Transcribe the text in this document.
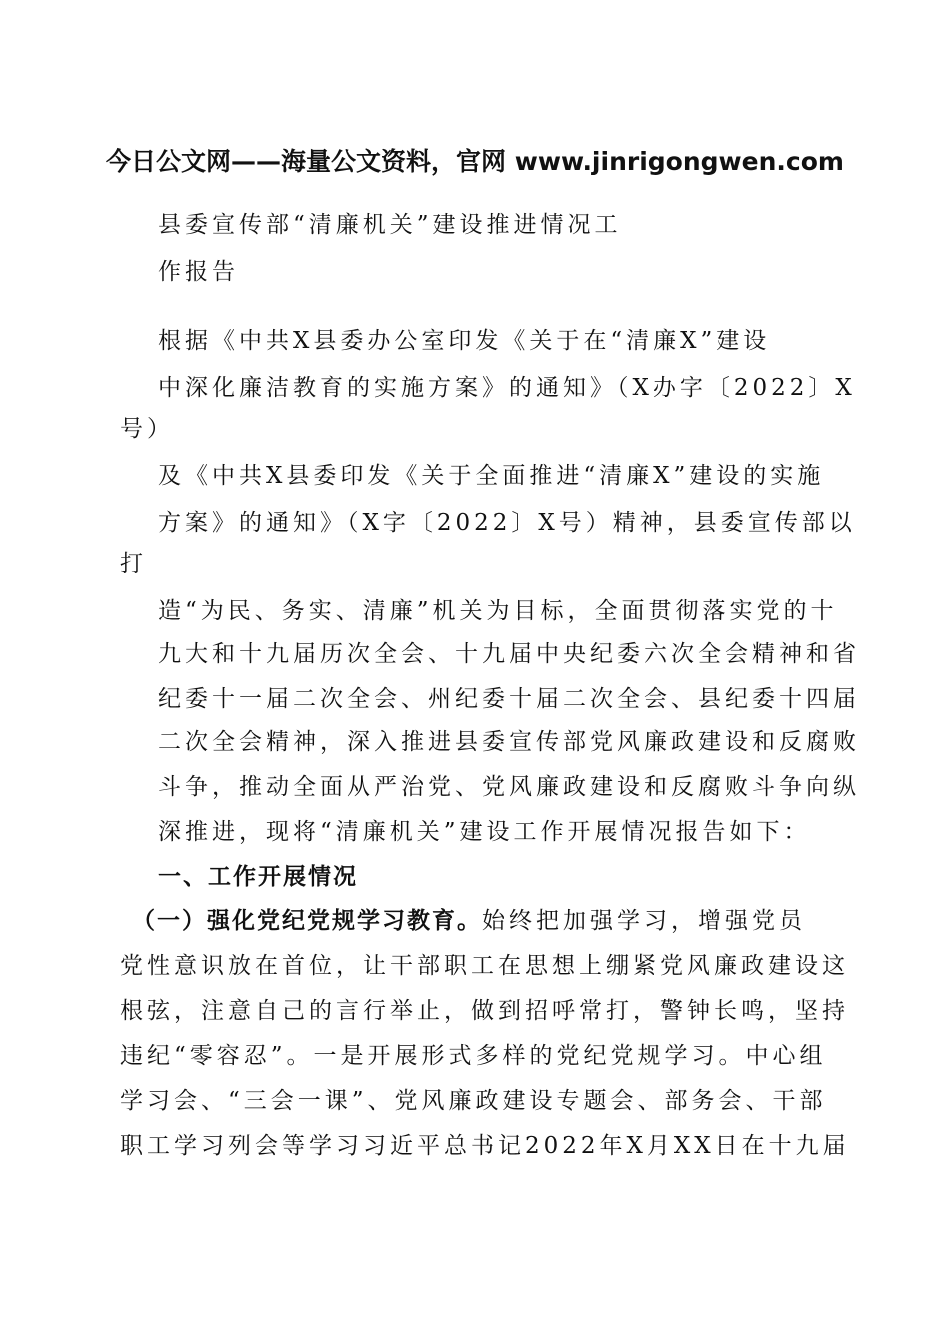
今日公文网——海量公文资料，官网 www.jinrigongwen.com
县委宣传部“清廉机关”建设推进情况工
作报告
根据《中共X县委办公室印发《关于在“清廉X”建设
中深化廉洁教育的实施方案》的通知》（X办字〔2022〕X
号）
及《中共X县委印发《关于全面推进“清廉X”建设的实施
方案》的通知》（X字〔2022〕X号）精神，县委宣传部以
打
造“为民、务实、清廉”机关为目标，全面贯彻落实党的十
九大和十九届历次全会、十九届中央纪委六次全会精神和省
纪委十一届二次全会、州纪委十届二次全会、县纪委十四届
二次全会精神，深入推进县委宣传部党风廉政建设和反腐败
斗争，推动全面从严治党、党风廉政建设和反腐败斗争向纵
深推进，现将“清廉机关”建设工作开展情况报告如下：
一、工作开展情况
（一）强化党纪党规学习教育。始终把加强学习，增强党员
党性意识放在首位，让干部职工在思想上绷紧党风廉政建设这
根弦，注意自己的言行举止，做到招呼常打，警钟长鸣，坚持
违纪“零容忍”。一是开展形式多样的党纪党规学习。中心组
学习会、“三会一课”、党风廉政建设专题会、部务会、干部
职工学习列会等学习习近平总书记2022年X月XX日在十九届
